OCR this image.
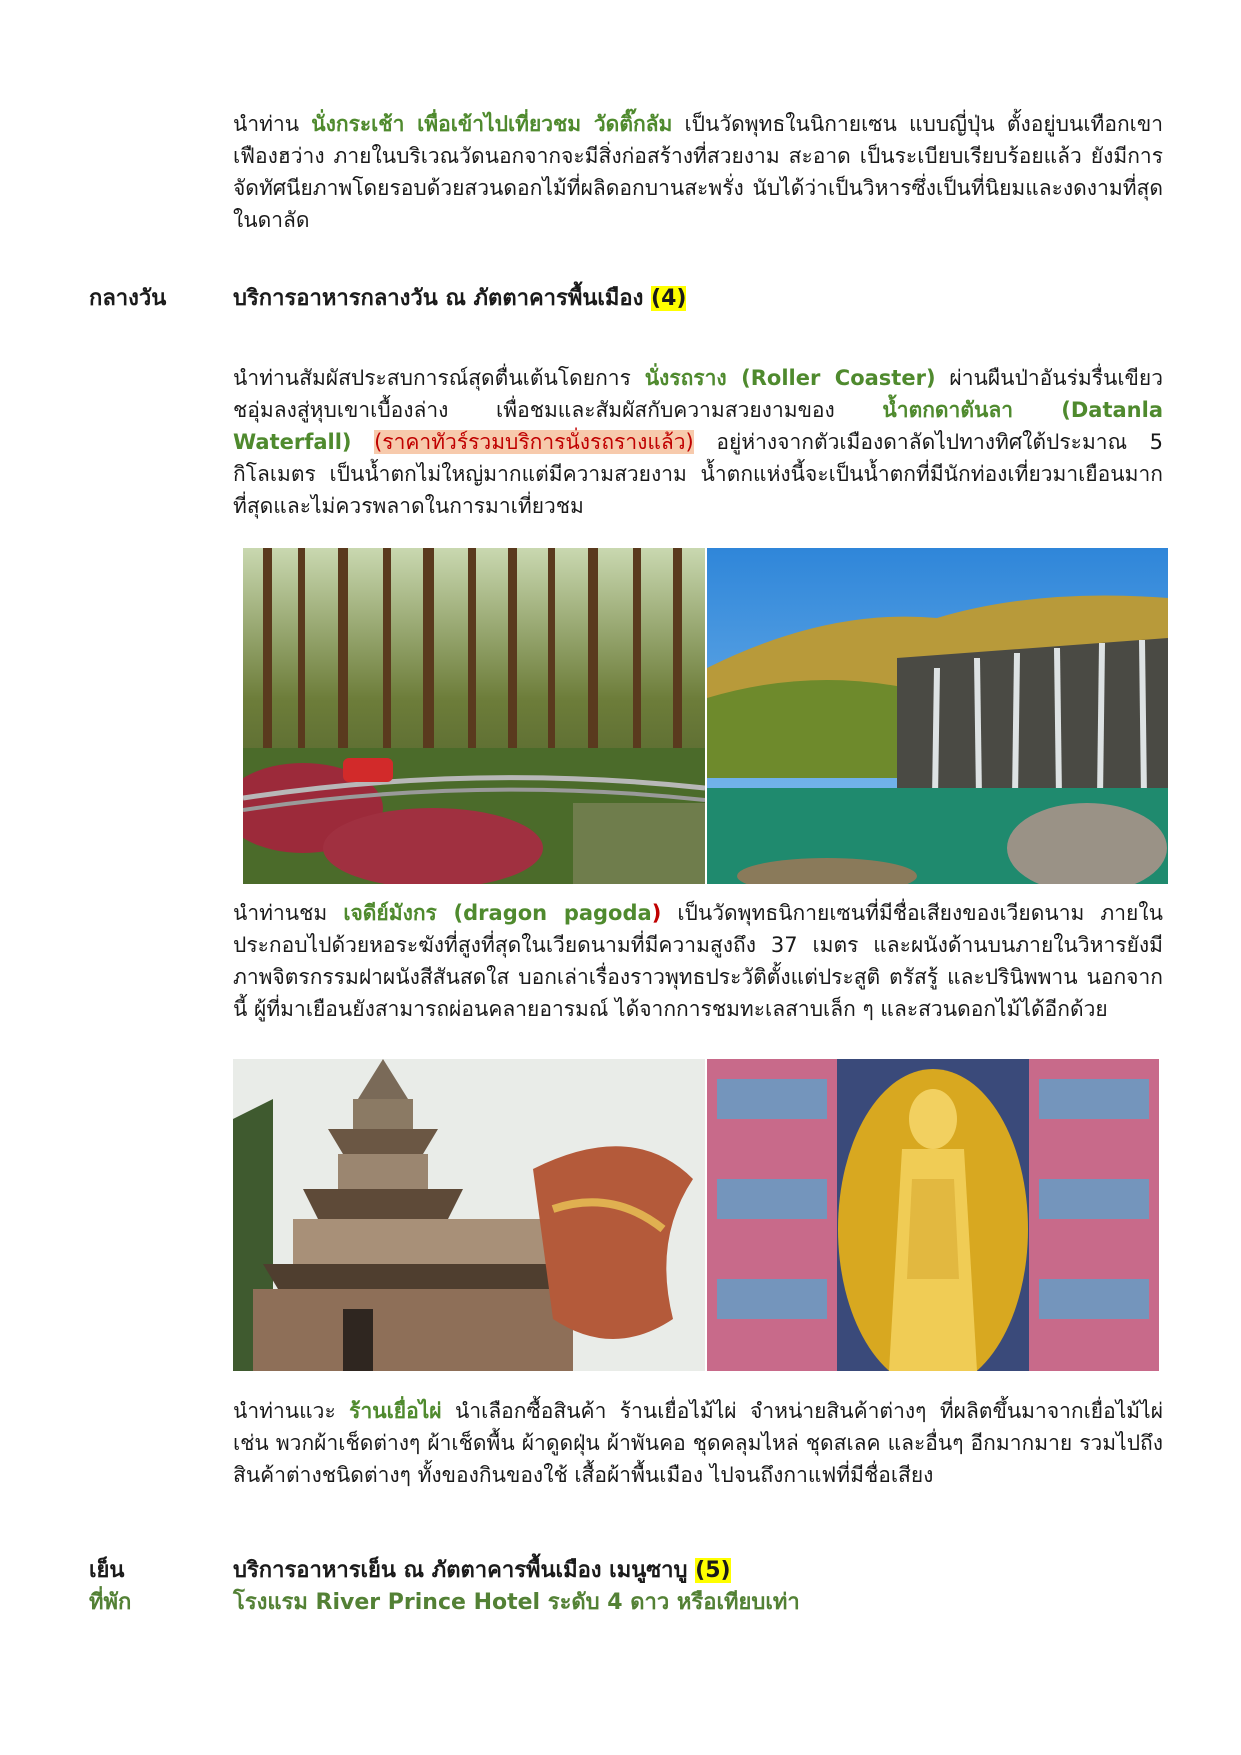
นำท่าน นั่งกระเช้า เพื่อเข้าไปเที่ยวชม วัดติ๊กลัม เป็นวัดพุทธในนิกายเซน แบบญี่ปุ่น ตั้งอยู่บนเทือกเขาเฟืองฮว่าง ภายในบริเวณวัดนอกจากจะมีสิ่งก่อสร้างที่สวยงาม สะอาด เป็นระเบียบเรียบร้อยแล้ว ยังมีการจัดทัศนียภาพโดยรอบด้วยสวนดอกไม้ที่ผลิดอกบานสะพรั่ง นับได้ว่าเป็นวิหารซึ่งเป็นที่นิยมและงดงามที่สุดในดาลัด
กลางวัน	บริการอาหารกลางวัน ณ ภัตตาคารพื้นเมือง (4)
นำท่านสัมผัสประสบการณ์สุดตื่นเต้นโดยการ นั่งรถราง (Roller Coaster) ผ่านผืนป่าอันร่มรื่นเขียวชอุ่มลงสู่หุบเขาเบื้องล่าง เพื่อชมและสัมผัสกับความสวยงามของ น้ำตกดาตันลา (Datanla Waterfall) (ราคาทัวร์รวมบริการนั่งรถรางแล้ว) อยู่ห่างจากตัวเมืองดาลัดไปทางทิศใต้ประมาณ 5 กิโลเมตร เป็นน้ำตกไม่ใหญ่มากแต่มีความสวยงาม น้ำตกแห่งนี้จะเป็นน้ำตกที่มีนักท่องเที่ยวมาเยือนมากที่สุดและไม่ควรพลาดในการมาเที่ยวชม
นำท่านชม เจดีย์มังกร (dragon pagoda) เป็นวัดพุทธนิกายเซนที่มีชื่อเสียงของเวียดนาม ภายในประกอบไปด้วยหอระฆังที่สูงที่สุดในเวียดนามที่มีความสูงถึง 37 เมตร และผนังด้านบนภายในวิหารยังมีภาพจิตรกรรมฝาผนังสีสันสดใส บอกเล่าเรื่องราวพุทธประวัติตั้งแต่ประสูติ ตรัสรู้ และปรินิพพาน นอกจากนี้ ผู้ที่มาเยือนยังสามารถผ่อนคลายอารมณ์ ได้จากการชมทะเลสาบเล็ก ๆ และสวนดอกไม้ได้อีกด้วย
นำท่านแวะ ร้านเยื่อไผ่ นำเลือกซื้อสินค้า ร้านเยื่อไม้ไผ่ จำหน่ายสินค้าต่างๆ ที่ผลิตขึ้นมาจากเยื่อไม้ไผ่ เช่น พวกผ้าเช็ดต่างๆ ผ้าเช็ดพื้น ผ้าดูดฝุ่น ผ้าพันคอ ชุดคลุมไหล่ ชุดสเลค และอื่นๆ อีกมากมาย รวมไปถึง สินค้าต่างชนิดต่างๆ ทั้งของกินของใช้ เสื้อผ้าพื้นเมือง ไปจนถึงกาแฟที่มีชื่อเสียง
เย็น	บริการอาหารเย็น ณ ภัตตาคารพื้นเมือง เมนูซาบู (5)
ที่พัก	โรงแรม River Prince Hotel ระดับ 4 ดาว หรือเทียบเท่า
